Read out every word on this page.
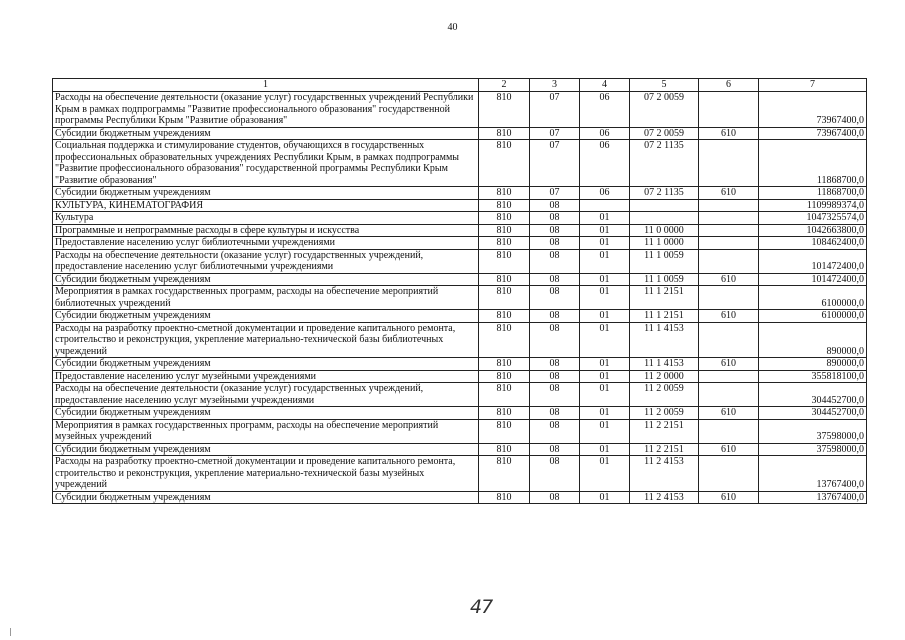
40
1	2	3	4	5	6	7
Расходы на обеспечение деятельности (оказание услуг) государственных учреждений Республики Крым в рамках подпрограммы "Развитие профессионального образования" государственной программы Республики Крым "Развитие образования"	810	07	06	07 2 0059		73967400,0
Субсидии бюджетным учреждениям	810	07	06	07 2 0059	610	73967400,0
Социальная поддержка и стимулирование студентов, обучающихся в государственных профессиональных образовательных учреждениях Республики Крым, в рамках подпрограммы "Развитие профессионального образования" государственной программы Республики Крым "Развитие образования"	810	07	06	07 2 1135		11868700,0
Субсидии бюджетным учреждениям	810	07	06	07 2 1135	610	11868700,0
КУЛЬТУРА, КИНЕМАТОГРАФИЯ	810	08				1109989374,0
Культура	810	08	01			1047325574,0
Программные и непрограммные расходы в сфере культуры и искусства	810	08	01	11 0 0000		1042663800,0
Предоставление населению услуг библиотечными учреждениями	810	08	01	11 1 0000		108462400,0
Расходы на обеспечение деятельности (оказание услуг) государственных учреждений, предоставление населению услуг библиотечными учреждениями	810	08	01	11 1 0059		101472400,0
Субсидии бюджетным учреждениям	810	08	01	11 1 0059	610	101472400,0
Мероприятия в рамках государственных программ, расходы на обеспечение мероприятий библиотечных учреждений	810	08	01	11 1 2151		6100000,0
Субсидии бюджетным учреждениям	810	08	01	11 1 2151	610	6100000,0
Расходы на разработку проектно-сметной документации и проведение капитального ремонта, строительство и реконструкция, укрепление материально-технической базы библиотечных учреждений	810	08	01	11 1 4153		890000,0
Субсидии бюджетным учреждениям	810	08	01	11 1 4153	610	890000,0
Предоставление населению услуг музейными учреждениями	810	08	01	11 2 0000		355818100,0
Расходы на обеспечение деятельности (оказание услуг) государственных учреждений, предоставление населению услуг музейными учреждениями	810	08	01	11 2 0059		304452700,0
Субсидии бюджетным учреждениям	810	08	01	11 2 0059	610	304452700,0
Мероприятия в рамках государственных программ, расходы на обеспечение мероприятий музейных учреждений	810	08	01	11 2 2151		37598000,0
Субсидии бюджетным учреждениям	810	08	01	11 2 2151	610	37598000,0
Расходы на разработку проектно-сметной документации и проведение капитального ремонта, строительство и реконструкция, укрепление материально-технической базы музейных учреждений	810	08	01	11 2 4153		13767400,0
Субсидии бюджетным учреждениям	810	08	01	11 2 4153	610	13767400,0
47
